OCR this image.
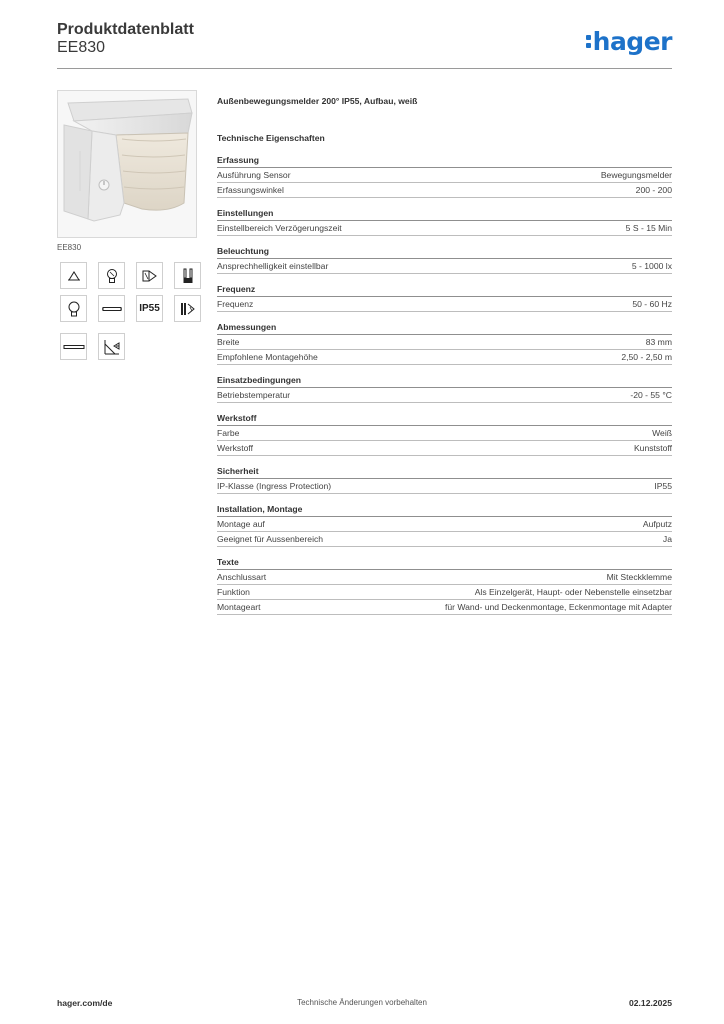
Produktdatenblatt
EE830	hager
EE830
IP55
Außenbewegungsmelder 200° IP55, Aufbau, weiß
Technische Eigenschaften
Erfassung
Ausführung Sensor	Bewegungsmelder
Erfassungswinkel	200 - 200
Einstellungen
Einstellbereich Verzögerungszeit	5 S - 15 Min
Beleuchtung
Ansprechhelligkeit einstellbar	5 - 1000 lx
Frequenz
Frequenz	50 - 60 Hz
Abmessungen
Breite	83 mm
Empfohlene Montagehöhe	2,50 - 2,50 m
Einsatzbedingungen
Betriebstemperatur	-20 - 55 °C
Werkstoff
Farbe	Weiß
Werkstoff	Kunststoff
Sicherheit
IP-Klasse (Ingress Protection)	IP55
Installation, Montage
Montage auf	Aufputz
Geeignet für Aussenbereich	Ja
Texte
Anschlussart	Mit Steckklemme
Funktion	Als Einzelgerät, Haupt- oder Nebenstelle einsetzbar
Montageart	für Wand- und Deckenmontage, Eckenmontage mit Adapter
Technische Änderungen vorbehalten
hager.com/de	02.12.2025
